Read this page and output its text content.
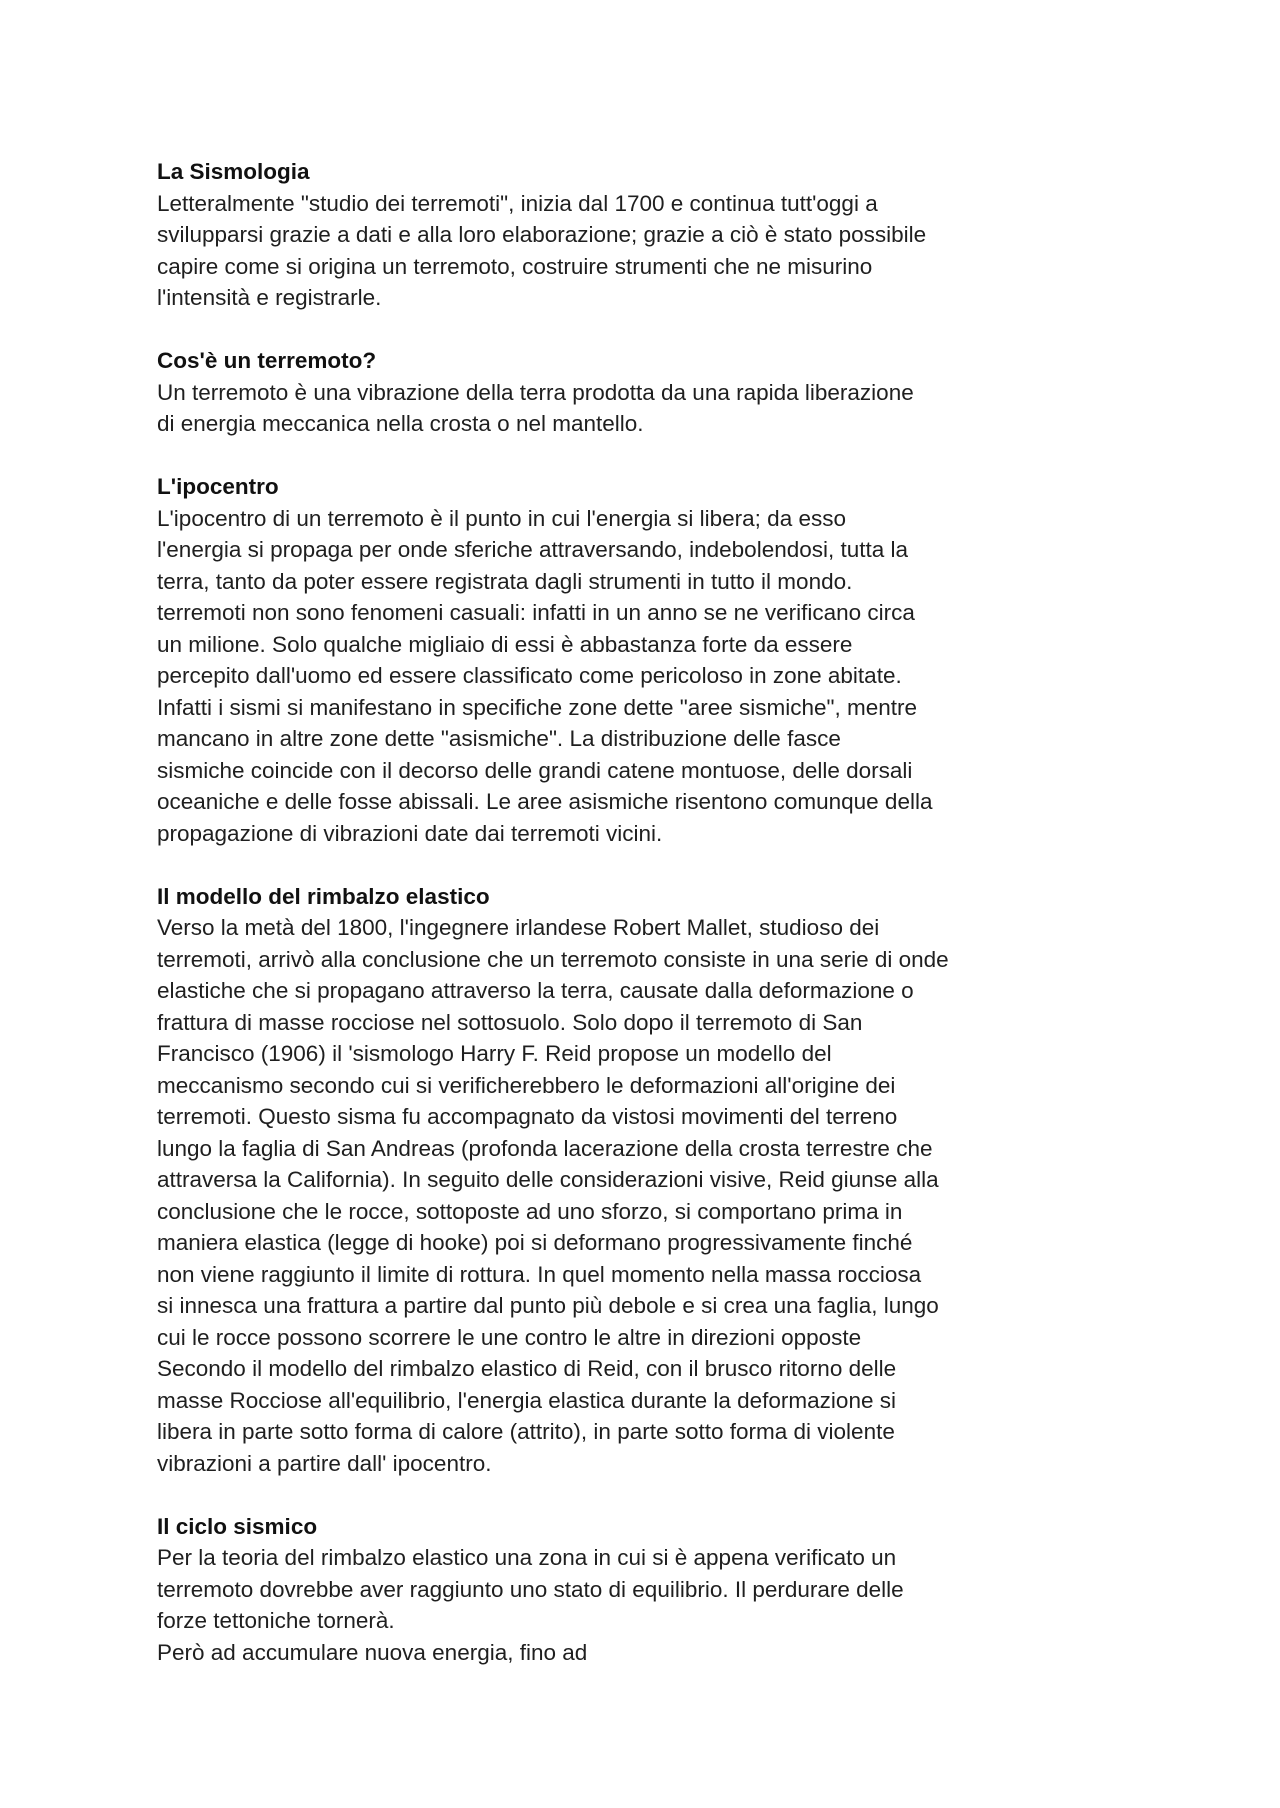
La Sismologia
Letteralmente "studio dei terremoti", inizia dal 1700 e continua tutt'oggi a
svilupparsi grazie a dati e alla loro elaborazione; grazie a ciò è stato possibile
capire come si origina un terremoto, costruire strumenti che ne misurino
l'intensità e registrarle.
Cos'è un terremoto?
Un terremoto è una vibrazione della terra prodotta da una rapida liberazione
di energia meccanica nella crosta o nel mantello.
L'ipocentro
L'ipocentro di un terremoto è il punto in cui l'energia si libera; da esso
l'energia si propaga per onde sferiche attraversando, indebolendosi, tutta la
terra, tanto da poter essere registrata dagli strumenti in tutto il mondo.
terremoti non sono fenomeni casuali: infatti in un anno se ne verificano circa
un milione. Solo qualche migliaio di essi è abbastanza forte da essere
percepito dall'uomo ed essere classificato come pericoloso in zone abitate.
Infatti i sismi si manifestano in specifiche zone dette "aree sismiche", mentre
mancano in altre zone dette "asismiche". La distribuzione delle fasce
sismiche coincide con il decorso delle grandi catene montuose, delle dorsali
oceaniche e delle fosse abissali. Le aree asismiche risentono comunque della
propagazione di vibrazioni date dai terremoti vicini.
Il modello del rimbalzo elastico
Verso la metà del 1800, l'ingegnere irlandese Robert Mallet, studioso dei
terremoti, arrivò alla conclusione che un terremoto consiste in una serie di onde
elastiche che si propagano attraverso la terra, causate dalla deformazione o
frattura di masse rocciose nel sottosuolo. Solo dopo il terremoto di San
Francisco (1906) il 'sismologo Harry F. Reid propose un modello del
meccanismo secondo cui si verificherebbero le deformazioni all'origine dei
terremoti. Questo sisma fu accompagnato da vistosi movimenti del terreno
lungo la faglia di San Andreas (profonda lacerazione della crosta terrestre che
attraversa la California). In seguito delle considerazioni visive, Reid giunse alla
conclusione che le rocce, sottoposte ad uno sforzo, si comportano prima in
maniera elastica (legge di hooke) poi si deformano progressivamente finché
non viene raggiunto il limite di rottura. In quel momento nella massa rocciosa
si innesca una frattura a partire dal punto più debole e si crea una faglia, lungo
cui le rocce possono scorrere le une contro le altre in direzioni opposte
Secondo il modello del rimbalzo elastico di Reid, con il brusco ritorno delle
masse Rocciose all'equilibrio, l'energia elastica durante la deformazione si
libera in parte sotto forma di calore (attrito), in parte sotto forma di violente
vibrazioni a partire dall' ipocentro.
Il ciclo sismico
Per la teoria del rimbalzo elastico una zona in cui si è appena verificato un
terremoto dovrebbe aver raggiunto uno stato di equilibrio. Il perdurare delle
forze tettoniche tornerà.
Però ad accumulare nuova energia, fino ad
